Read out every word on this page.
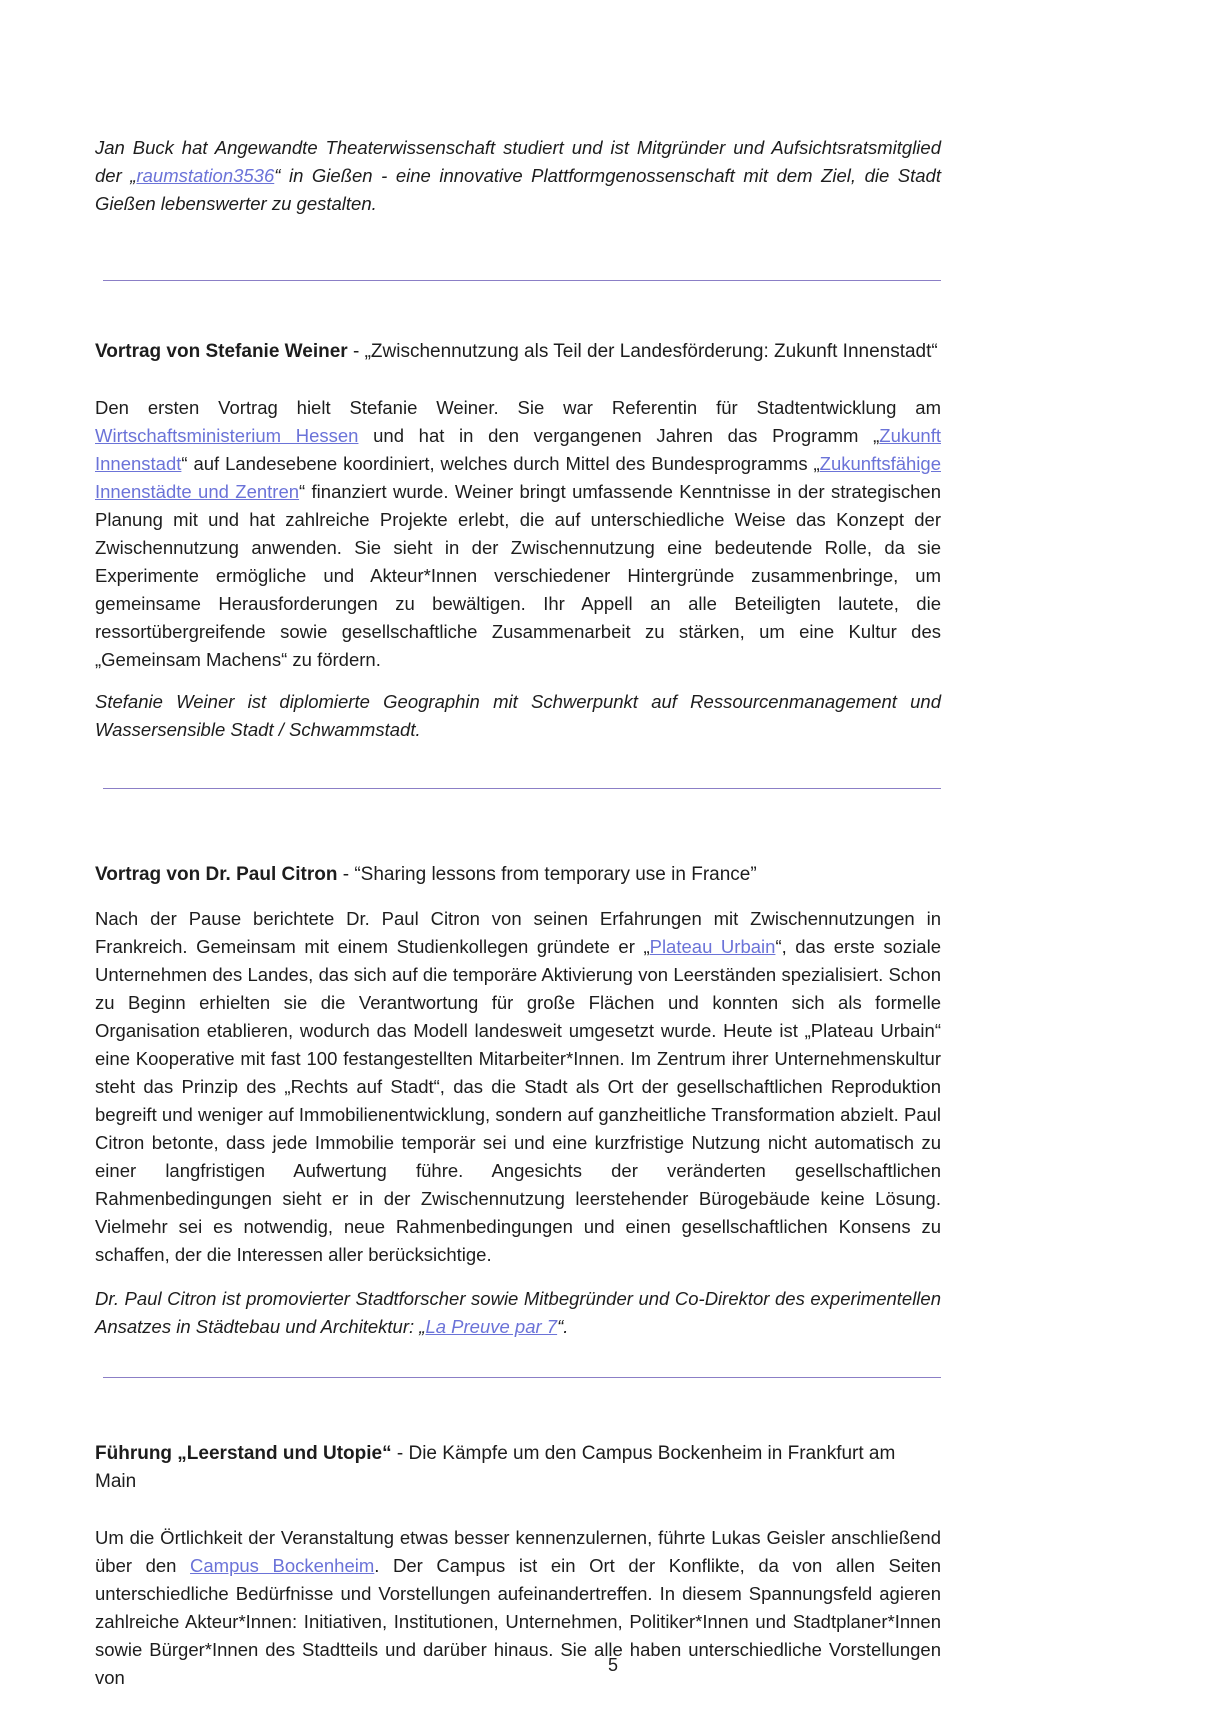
Jan Buck hat Angewandte Theaterwissenschaft studiert und ist Mitgründer und Aufsichtsratsmitglied der „raumstation3536“ in Gießen - eine innovative Plattformgenossenschaft mit dem Ziel, die Stadt Gießen lebenswerter zu gestalten.

Vortrag von Stefanie Weiner - „Zwischennutzung als Teil der Landesförderung: Zukunft Innenstadt“

Den ersten Vortrag hielt Stefanie Weiner. Sie war Referentin für Stadtentwicklung am Wirtschaftsministerium Hessen und hat in den vergangenen Jahren das Programm „Zukunft Innenstadt“ auf Landesebene koordiniert, welches durch Mittel des Bundesprogramms „Zukunftsfähige Innenstädte und Zentren“ finanziert wurde. Weiner bringt umfassende Kenntnisse in der strategischen Planung mit und hat zahlreiche Projekte erlebt, die auf unterschiedliche Weise das Konzept der Zwischennutzung anwenden. Sie sieht in der Zwischennutzung eine bedeutende Rolle, da sie Experimente ermögliche und Akteur*Innen verschiedener Hintergründe zusammenbringe, um gemeinsame Herausforderungen zu bewältigen. Ihr Appell an alle Beteiligten lautete, die ressortübergreifende sowie gesellschaftliche Zusammenarbeit zu stärken, um eine Kultur des „Gemeinsam Machens“ zu fördern.

Stefanie Weiner ist diplomierte Geographin mit Schwerpunkt auf Ressourcenmanagement und Wassersensible Stadt / Schwammstadt.

Vortrag von Dr. Paul Citron - “Sharing lessons from temporary use in France”

Nach der Pause berichtete Dr. Paul Citron von seinen Erfahrungen mit Zwischennutzungen in Frankreich. Gemeinsam mit einem Studienkollegen gründete er „Plateau Urbain“, das erste soziale Unternehmen des Landes, das sich auf die temporäre Aktivierung von Leerständen spezialisiert. Schon zu Beginn erhielten sie die Verantwortung für große Flächen und konnten sich als formelle Organisation etablieren, wodurch das Modell landesweit umgesetzt wurde. Heute ist „Plateau Urbain“ eine Kooperative mit fast 100 festangestellten Mitarbeiter*Innen. Im Zentrum ihrer Unternehmenskultur steht das Prinzip des „Rechts auf Stadt“, das die Stadt als Ort der gesellschaftlichen Reproduktion begreift und weniger auf Immobilienentwicklung, sondern auf ganzheitliche Transformation abzielt. Paul Citron betonte, dass jede Immobilie temporär sei und eine kurzfristige Nutzung nicht automatisch zu einer langfristigen Aufwertung führe. Angesichts der veränderten gesellschaftlichen Rahmenbedingungen sieht er in der Zwischennutzung leerstehender Bürogebäude keine Lösung. Vielmehr sei es notwendig, neue Rahmenbedingungen und einen gesellschaftlichen Konsens zu schaffen, der die Interessen aller berücksichtige.

Dr. Paul Citron ist promovierter Stadtforscher sowie Mitbegründer und Co-Direktor des experimentellen Ansatzes in Städtebau und Architektur: „La Preuve par 7“.

Führung „Leerstand und Utopie“ - Die Kämpfe um den Campus Bockenheim in Frankfurt am Main

Um die Örtlichkeit der Veranstaltung etwas besser kennenzulernen, führte Lukas Geisler anschließend über den Campus Bockenheim. Der Campus ist ein Ort der Konflikte, da von allen Seiten unterschiedliche Bedürfnisse und Vorstellungen aufeinandertreffen. In diesem Spannungsfeld agieren zahlreiche Akteur*Innen: Initiativen, Institutionen, Unternehmen, Politiker*Innen und Stadtplaner*Innen sowie Bürger*Innen des Stadtteils und darüber hinaus. Sie alle haben unterschiedliche Vorstellungen von

5
